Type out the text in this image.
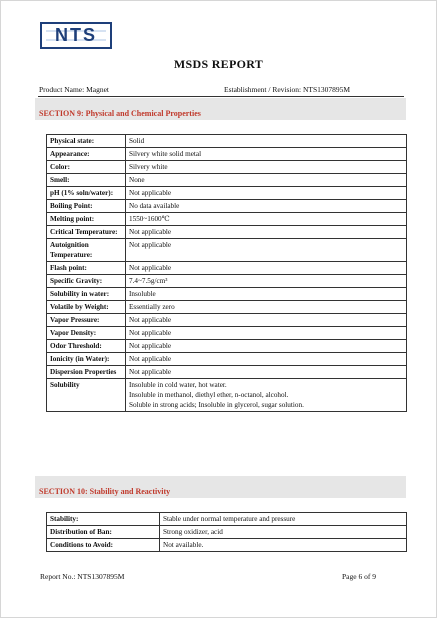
NTS
MSDS REPORT
Product Name: Magnet	Establishment / Revision: NTS1307895M
SECTION 9: Physical and Chemical Properties
Physical state:	Solid
Appearance:	Silvery white solid metal
Color:	Silvery white
Smell:	None
pH (1% soln/water):	Not applicable
Boiling Point:	No data available
Melting point:	1550~1600℃
Critical Temperature:	Not applicable
Autoignition Temperature:	Not applicable
Flash point:	Not applicable
Specific Gravity:	7.4~7.5g/cm³
Solubility in water:	Insoluble
Volatile by Weight:	Essentially zero
Vapor Pressure:	Not applicable
Vapor Density:	Not applicable
Odor Threshold:	Not applicable
Ionicity (in Water):	Not applicable
Dispersion Properties	Not applicable
Solubility	Insoluble in cold water, hot water.
Insoluble in methanol, diethyl ether, n-octanol, alcohol.
Soluble in strong acids; Insoluble in glycerol, sugar solution.
SECTION 10: Stability and Reactivity
Stability:	Stable under normal temperature and pressure
Distribution of Ban:	Strong oxidizer, acid
Conditions to Avoid:	Not available.
Report No.: NTS1307895M	Page 6 of 9
